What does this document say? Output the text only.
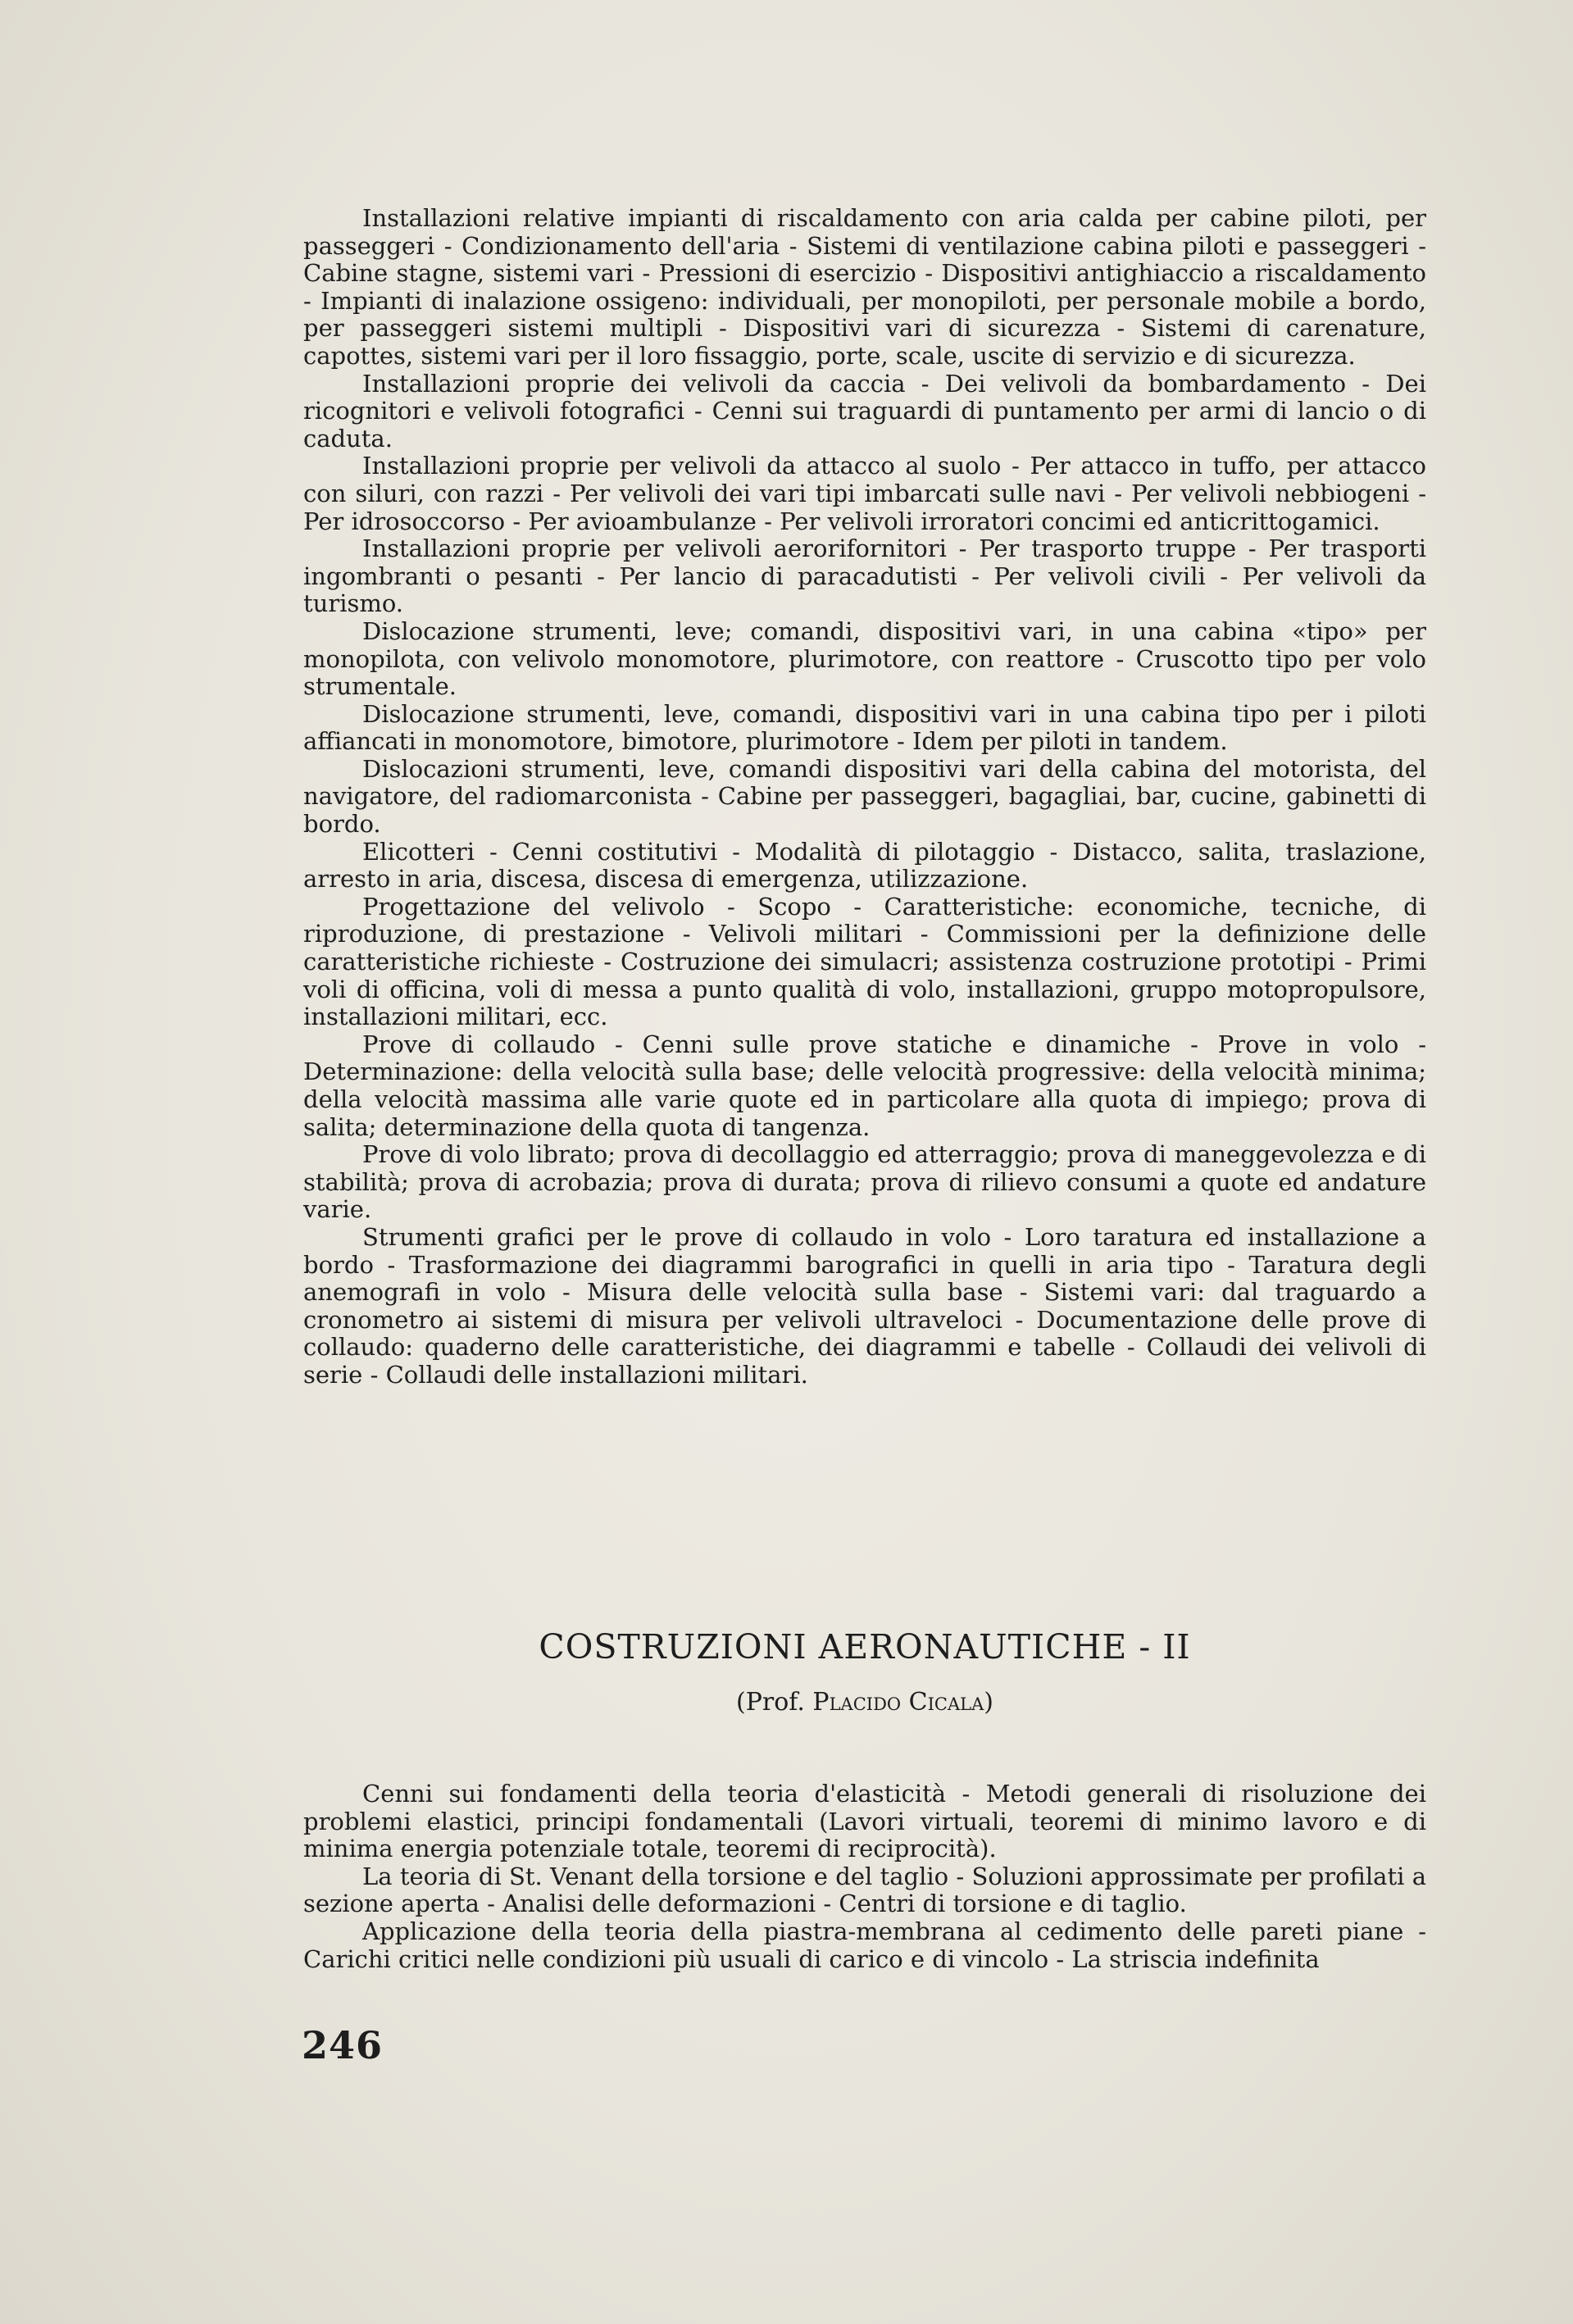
Installazioni relative impianti di riscaldamento con aria calda per cabine piloti, per passeggeri - Condizionamento dell'aria - Sistemi di ventilazione cabina piloti e passeggeri - Cabine stagne, sistemi vari - Pressioni di esercizio - Dispositivi antighiaccio a riscaldamento - Impianti di inalazione ossigeno: individuali, per monopiloti, per personale mobile a bordo, per passeggeri sistemi multipli - Dispositivi vari di sicurezza - Sistemi di carenature, capottes, sistemi vari per il loro fissaggio, porte, scale, uscite di servizio e di sicurezza.

Installazioni proprie dei velivoli da caccia - Dei velivoli da bombardamento - Dei ricognitori e velivoli fotografici - Cenni sui traguardi di puntamento per armi di lancio o di caduta.

Installazioni proprie per velivoli da attacco al suolo - Per attacco in tuffo, per attacco con siluri, con razzi - Per velivoli dei vari tipi imbarcati sulle navi - Per velivoli nebbiogeni - Per idrosoccorso - Per avioambulanze - Per velivoli irroratori concimi ed anticrittogamici.

Installazioni proprie per velivoli aerorifornitori - Per trasporto truppe - Per trasporti ingombranti o pesanti - Per lancio di paracadutisti - Per velivoli civili - Per velivoli da turismo.

Dislocazione strumenti, leve; comandi, dispositivi vari, in una cabina «tipo» per monopilota, con velivolo monomotore, plurimotore, con reattore - Cruscotto tipo per volo strumentale.

Dislocazione strumenti, leve, comandi, dispositivi vari in una cabina tipo per i piloti affiancati in monomotore, bimotore, plurimotore - Idem per piloti in tandem.

Dislocazioni strumenti, leve, comandi dispositivi vari della cabina del motorista, del navigatore, del radiomarconista - Cabine per passeggeri, bagagliai, bar, cucine, gabinetti di bordo.

Elicotteri - Cenni costitutivi - Modalità di pilotaggio - Distacco, salita, traslazione, arresto in aria, discesa, discesa di emergenza, utilizzazione.

Progettazione del velivolo - Scopo - Caratteristiche: economiche, tecniche, di riproduzione, di prestazione - Velivoli militari - Commissioni per la definizione delle caratteristiche richieste - Costruzione dei simulacri; assistenza costruzione prototipi - Primi voli di officina, voli di messa a punto qualità di volo, installazioni, gruppo motopropulsore, installazioni militari, ecc.

Prove di collaudo - Cenni sulle prove statiche e dinamiche - Prove in volo - Determinazione: della velocità sulla base; delle velocità progressive: della velocità minima; della velocità massima alle varie quote ed in particolare alla quota di impiego; prova di salita; determinazione della quota di tangenza.

Prove di volo librato; prova di decollaggio ed atterraggio; prova di maneggevolezza e di stabilità; prova di acrobazia; prova di durata; prova di rilievo consumi a quote ed andature varie.

Strumenti grafici per le prove di collaudo in volo - Loro taratura ed installazione a bordo - Trasformazione dei diagrammi barografici in quelli in aria tipo - Taratura degli anemografi in volo - Misura delle velocità sulla base - Sistemi vari: dal traguardo a cronometro ai sistemi di misura per velivoli ultraveloci - Documentazione delle prove di collaudo: quaderno delle caratteristiche, dei diagrammi e tabelle - Collaudi dei velivoli di serie - Collaudi delle installazioni militari.

COSTRUZIONI AERONAUTICHE - II
(Prof. Placido Cicala)

Cenni sui fondamenti della teoria d'elasticità - Metodi generali di risoluzione dei problemi elastici, principi fondamentali (Lavori virtuali, teoremi di minimo lavoro e di minima energia potenziale totale, teoremi di reciprocità).

La teoria di St. Venant della torsione e del taglio - Soluzioni approssimate per profilati a sezione aperta - Analisi delle deformazioni - Centri di torsione e di taglio.

Applicazione della teoria della piastra-membrana al cedimento delle pareti piane - Carichi critici nelle condizioni più usuali di carico e di vincolo - La striscia indefinita

246
